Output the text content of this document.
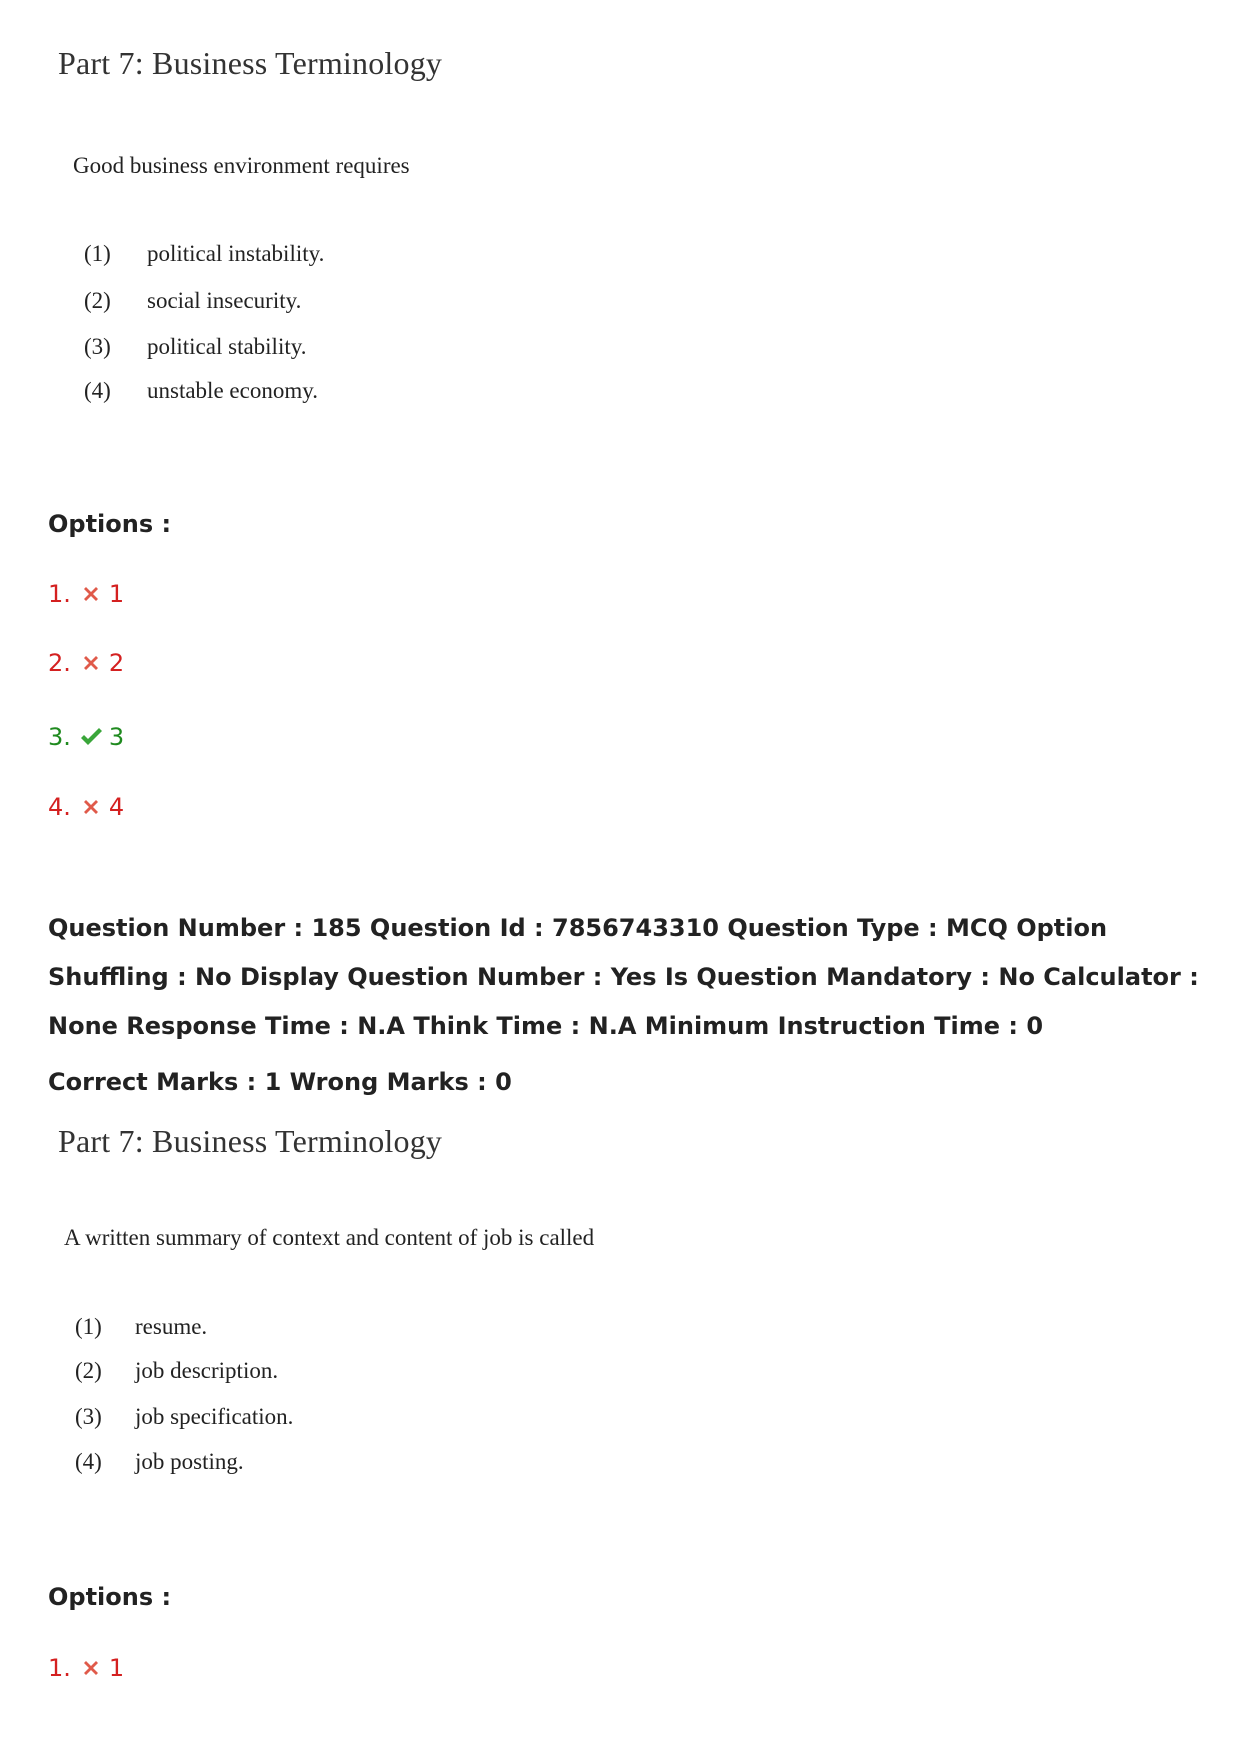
Part 7: Business Terminology
Good business environment requires
(1) political instability.
(2) social insecurity.
(3) political stability.
(4) unstable economy.
Options :
1. 1
2. 2
3. 3
4. 4
Question Number : 185 Question Id : 7856743310 Question Type : MCQ Option Shuffling : No Display Question Number : Yes Is Question Mandatory : No Calculator : None Response Time : N.A Think Time : N.A Minimum Instruction Time : 0
Correct Marks : 1 Wrong Marks : 0
Part 7: Business Terminology
A written summary of context and content of job is called
(1) resume.
(2) job description.
(3) job specification.
(4) job posting.
Options :
1. 1
